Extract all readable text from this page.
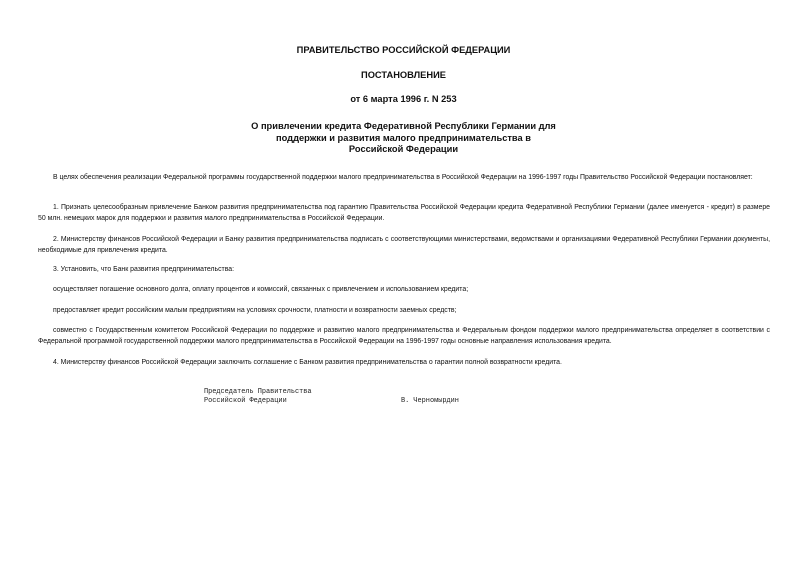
ПРАВИТЕЛЬСТВО РОССИЙСКОЙ ФЕДЕРАЦИИ
ПОСТАНОВЛЕНИЕ
от 6 марта 1996 г. N 253
О привлечении кредита Федеративной Республики Германии для
поддержки и развития малого предпринимательства в
Российской Федерации
В целях обеспечения реализации Федеральной программы государственной поддержки малого предпринимательства в Российской Федерации на 1996-1997 годы Правительство Российской Федерации постановляет:
1. Признать целесообразным привлечение Банком развития предпринимательства под гарантию Правительства Российской Федерации кредита Федеративной Республики Германии (далее именуется - кредит) в размере 50 млн. немецких марок для поддержки и развития малого предпринимательства в Российской Федерации.
2. Министерству финансов Российской Федерации и Банку развития предпринимательства подписать с соответствующими министерствами, ведомствами и организациями Федеративной Республики Германии документы, необходимые для привлечения кредита.
3. Установить, что Банк развития предпринимательства:
осуществляет погашение основного долга, оплату процентов и комиссий, связанных с привлечением и использованием кредита;
предоставляет кредит российским малым предприятиям на условиях срочности, платности и возвратности заемных средств;
совместно с Государственным комитетом Российской Федерации по поддержке и развитию малого предпринимательства и Федеральным фондом поддержки малого предпринимательства определяет в соответствии с Федеральной программой государственной поддержки малого предпринимательства в Российской Федерации на 1996-1997 годы основные направления использования кредита.
4. Министерству финансов Российской Федерации заключить соглашение с Банком развития предпринимательства о гарантии полной возвратности кредита.
Председатель Правительства
Российской Федерации	В. Черномырдин
